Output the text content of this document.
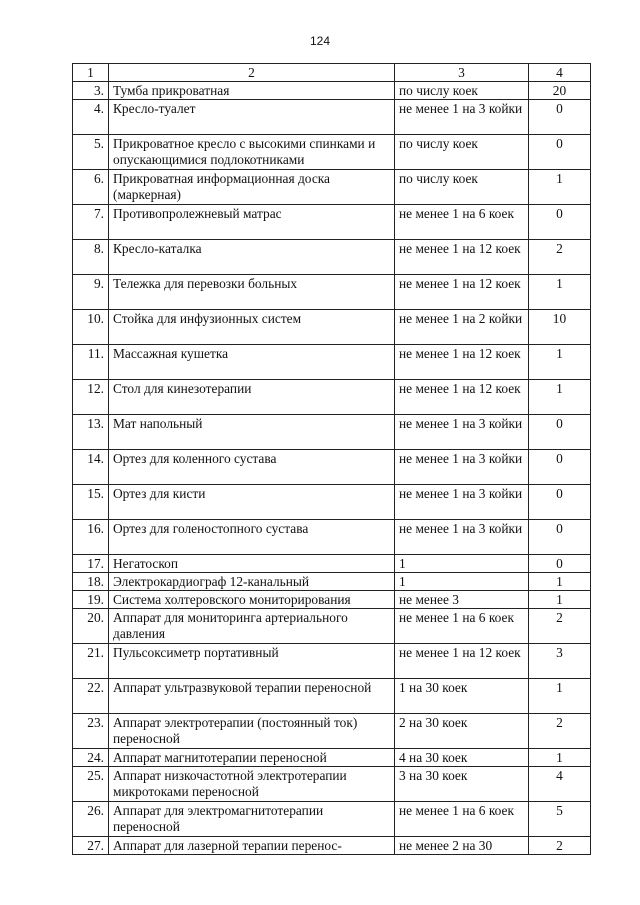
124
1	2	3	4
3.	Тумба прикроватная	по числу коек	20
4.	Кресло-туалет	не менее 1 на 3 койки	0
5.	Прикроватное кресло с высокими спинками и опускающимися подлокотниками	по числу коек	0
6.	Прикроватная информационная доска (маркерная)	по числу коек	1
7.	Противопролежневый матрас	не менее 1 на 6 коек	0
8.	Кресло-каталка	не менее 1 на 12 коек	2
9.	Тележка для перевозки больных	не менее 1 на 12 коек	1
10.	Стойка для инфузионных систем	не менее 1 на 2 койки	10
11.	Массажная кушетка	не менее 1 на 12 коек	1
12.	Стол для кинезотерапии	не менее 1 на 12 коек	1
13.	Мат напольный	не менее 1 на 3 койки	0
14.	Ортез для коленного сустава	не менее 1 на 3 койки	0
15.	Ортез для кисти	не менее 1 на 3 койки	0
16.	Ортез для голеностопного сустава	не менее 1 на 3 койки	0
17.	Негатоскоп	1	0
18.	Электрокардиограф 12-канальный	1	1
19.	Система холтеровского мониторирования	не менее 3	1
20.	Аппарат для мониторинга артериального давления	не менее 1 на 6 коек	2
21.	Пульсоксиметр портативный	не менее 1 на 12 коек	3
22.	Аппарат ультразвуковой терапии переносной	1 на 30 коек	1
23.	Аппарат электротерапии (постоянный ток) переносной	2 на 30 коек	2
24.	Аппарат магнитотерапии переносной	4 на 30 коек	1
25.	Аппарат низкочастотной электротерапии микротоками переносной	3 на 30 коек	4
26.	Аппарат для электромагнитотерапии переносной	не менее 1 на 6 коек	5
27.	Аппарат для лазерной терапии перенос-	не менее 2 на 30	2
